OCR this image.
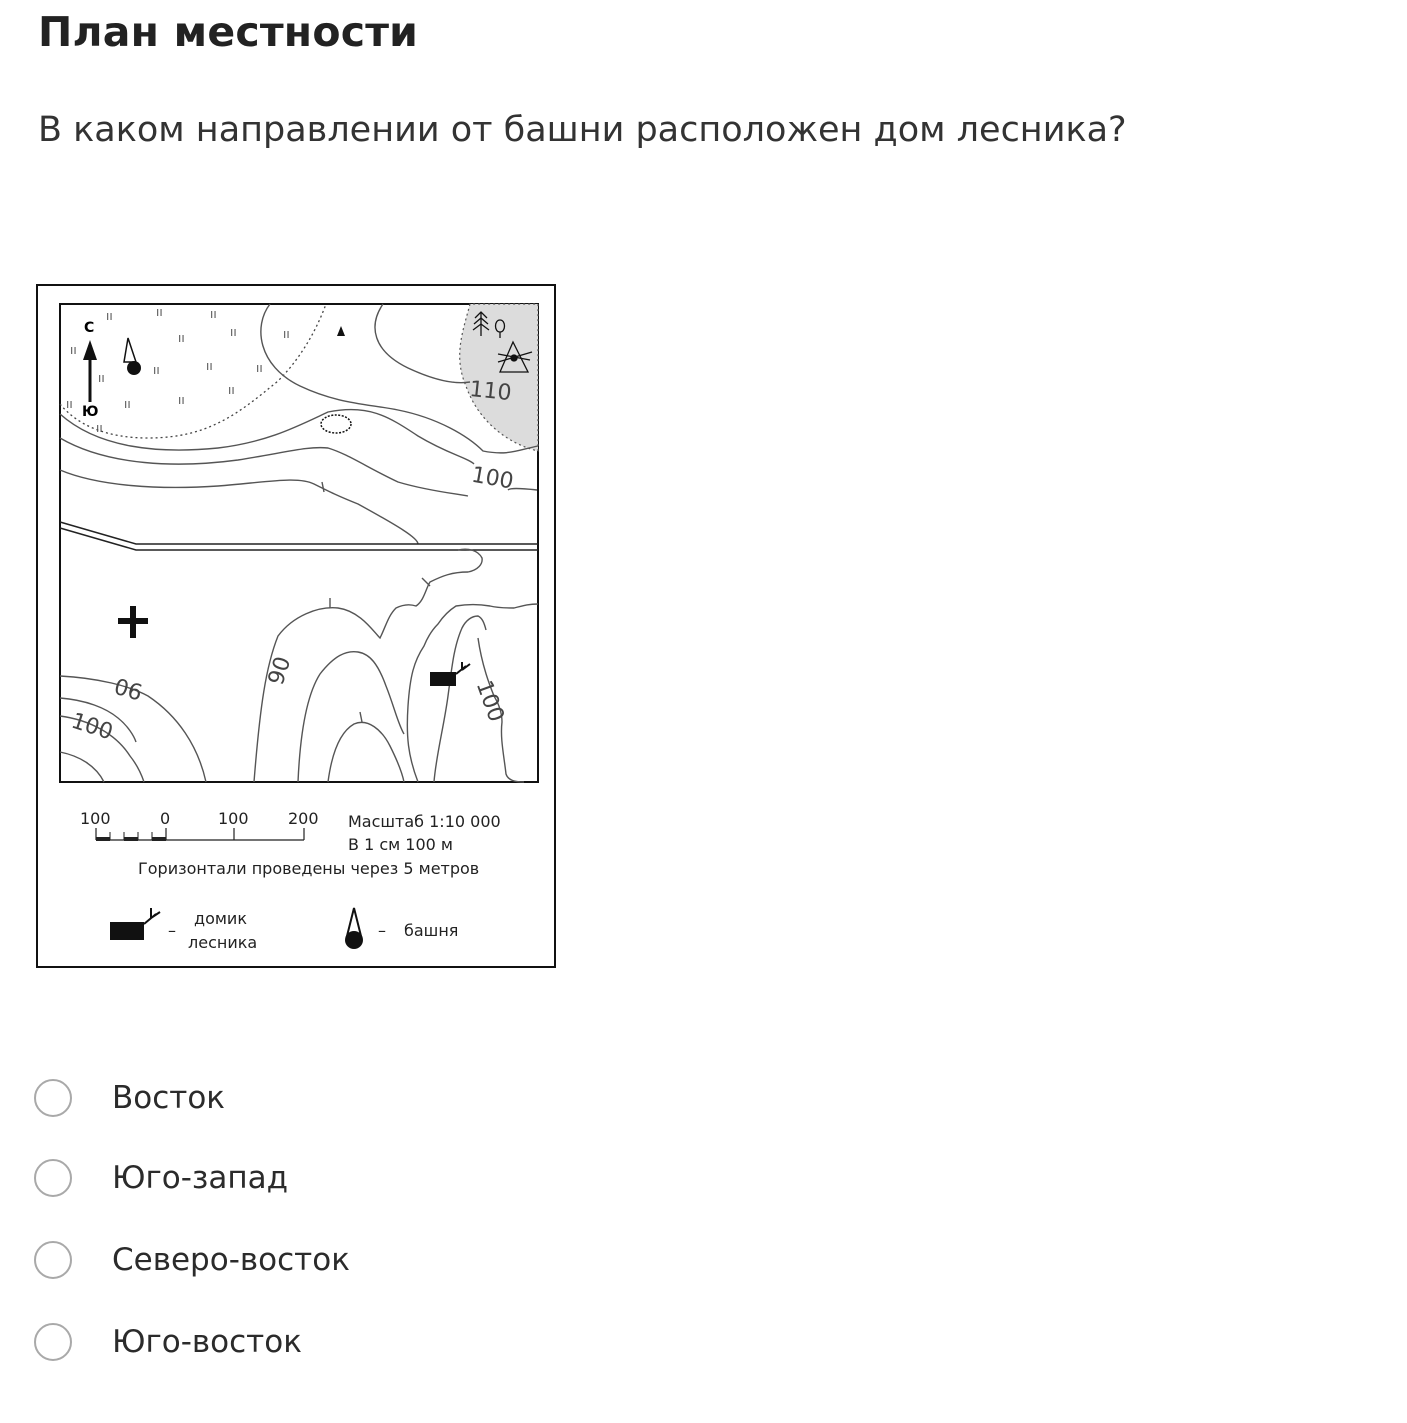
План местности

В каком направлении от башни расположен дом лесника?

ıı	ıı	ıı
ıı	ıı	ıı
ıı
ıı	ıı	ıı
ıı
ıı
ıı	ıı
ıı
ıı
С
Ю
110
100
90
90
100
100
100	0	100 200 Масштаб 1:10 000
В 1 см 100 м
Горизонтали проведены через 5 метров
–
домик
лесника
– башня
Восток
Юго-запад
Северо-восток
Юго-восток
